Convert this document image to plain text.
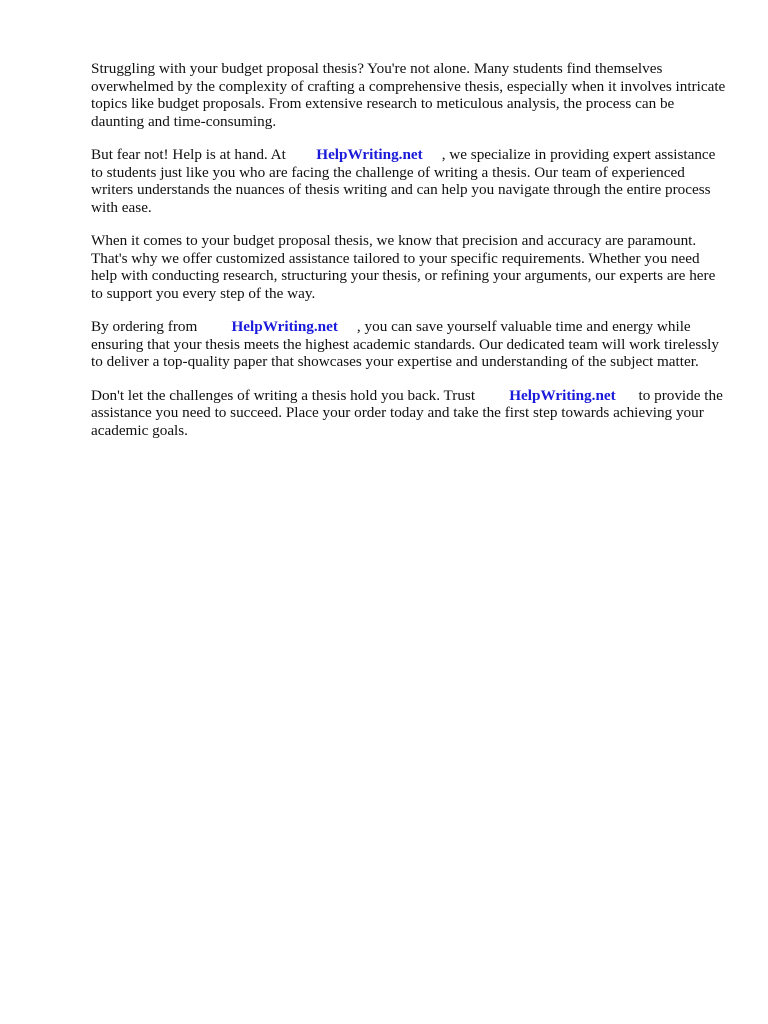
Struggling with your budget proposal thesis? You're not alone. Many students find themselves overwhelmed by the complexity of crafting a comprehensive thesis, especially when it involves intricate topics like budget proposals. From extensive research to meticulous analysis, the process can be daunting and time-consuming.

But fear not! Help is at hand. At HelpWriting.net , we specialize in providing expert assistance to students just like you who are facing the challenge of writing a thesis. Our team of experienced writers understands the nuances of thesis writing and can help you navigate through the entire process with ease.

When it comes to your budget proposal thesis, we know that precision and accuracy are paramount. That's why we offer customized assistance tailored to your specific requirements. Whether you need help with conducting research, structuring your thesis, or refining your arguments, our experts are here to support you every step of the way.

By ordering from HelpWriting.net , you can save yourself valuable time and energy while ensuring that your thesis meets the highest academic standards. Our dedicated team will work tirelessly to deliver a top-quality paper that showcases your expertise and understanding of the subject matter.

Don't let the challenges of writing a thesis hold you back. Trust HelpWriting.net to provide the assistance you need to succeed. Place your order today and take the first step towards achieving your academic goals.
